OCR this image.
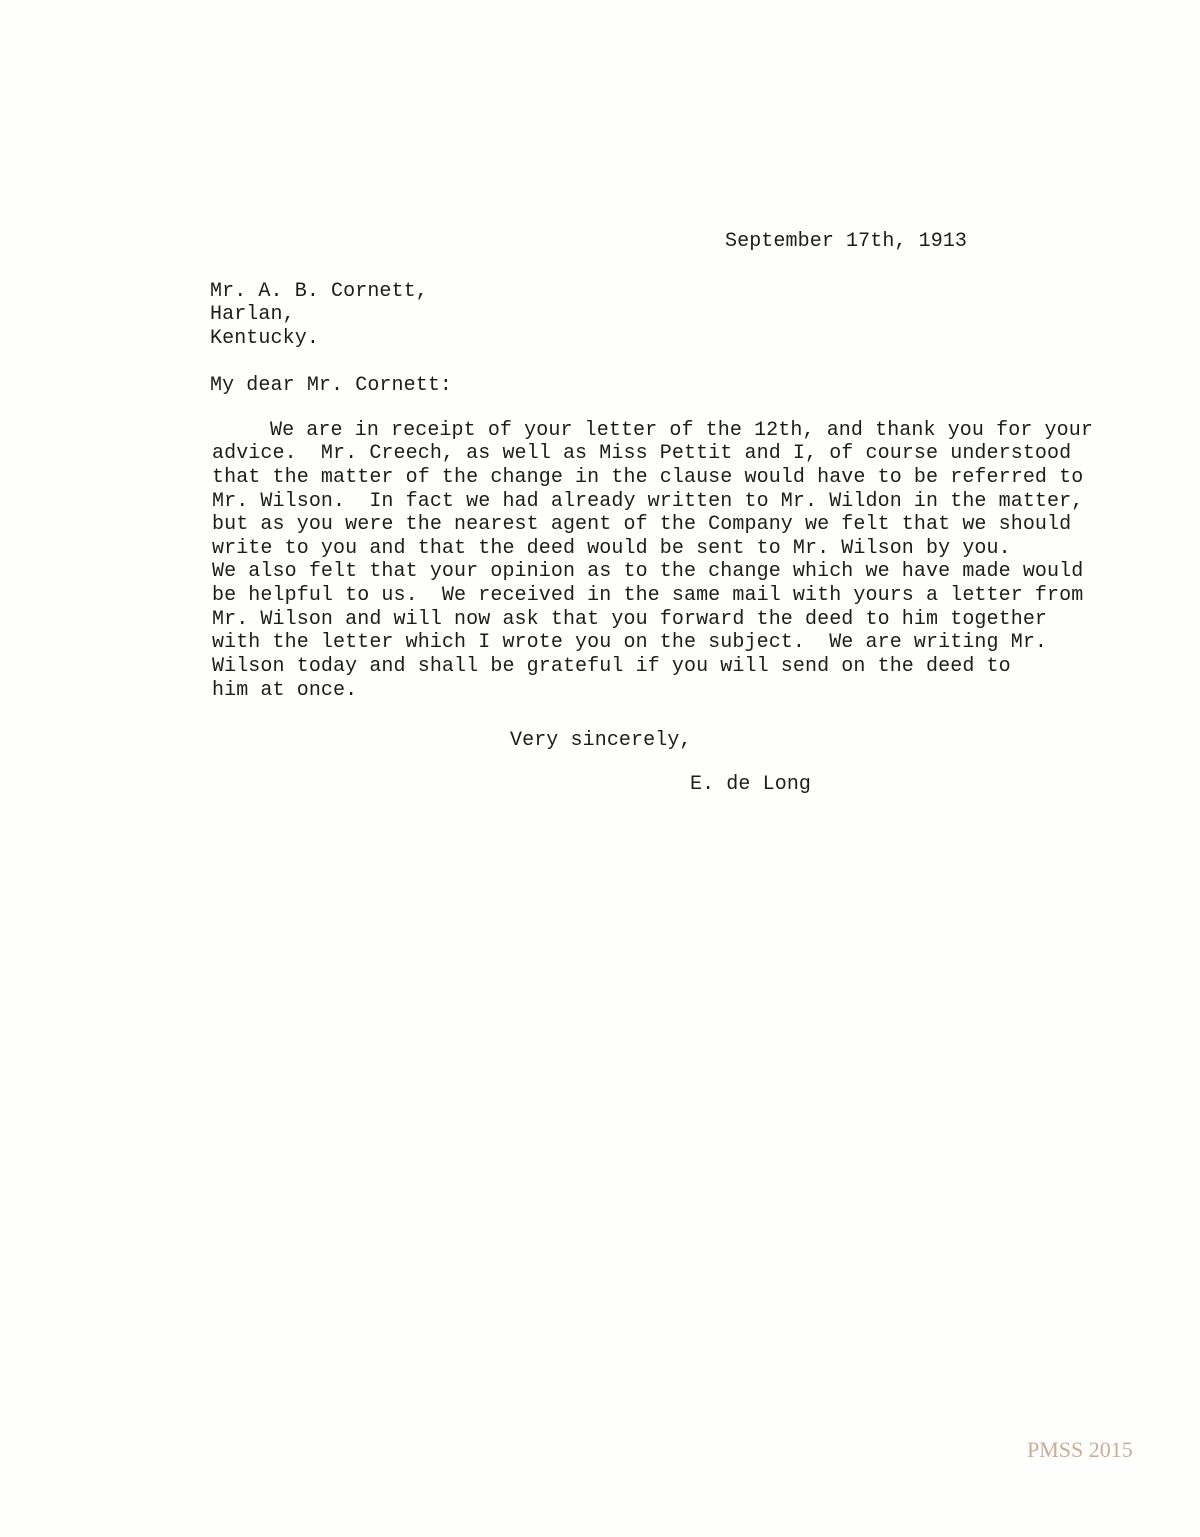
September 17th, 1913
Mr. A. B. Cornett,
Harlan,
Kentucky.
My dear Mr. Cornett:
We are in receipt of your letter of the 12th, and thank you for your
advice.  Mr. Creech, as well as Miss Pettit and I, of course understood
that the matter of the change in the clause would have to be referred to
Mr. Wilson.  In fact we had already written to Mr. Wildon in the matter,
but as you were the nearest agent of the Company we felt that we should
write to you and that the deed would be sent to Mr. Wilson by you.
We also felt that your opinion as to the change which we have made would
be helpful to us.  We received in the same mail with yours a letter from
Mr. Wilson and will now ask that you forward the deed to him together
with the letter which I wrote you on the subject.  We are writing Mr.
Wilson today and shall be grateful if you will send on the deed to
him at once.
Very sincerely,
E. de Long
PMSS 2015
